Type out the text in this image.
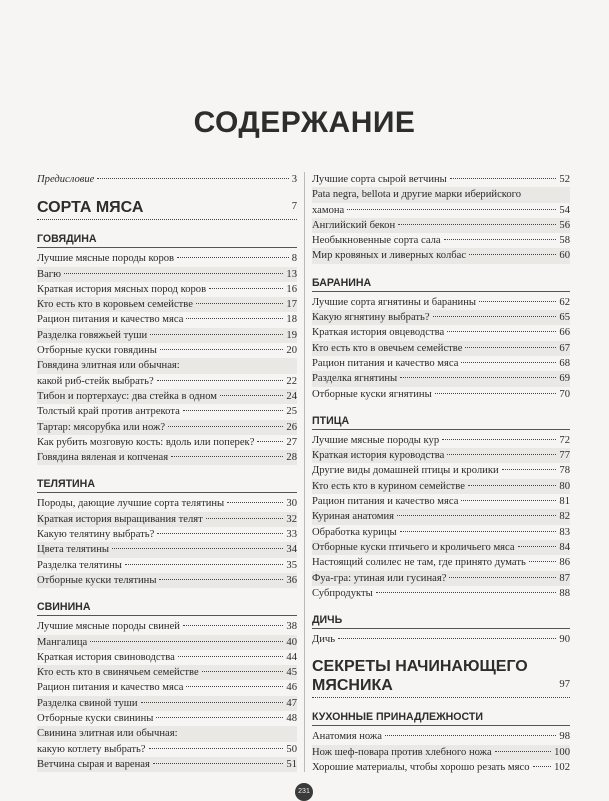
СОДЕРЖАНИЕ
Предисловие	3
СОРТА МЯСА	7
ГОВЯДИНА
Лучшие мясные породы коров	8
Вагю	13
Краткая история мясных пород коров	16
Кто есть кто в коровьем семействе	17
Рацион питания и качество мяса	18
Разделка говяжьей туши	19
Отборные куски говядины	20
Говядина элитная или обычная:
какой риб-стейк выбрать?	22
Тибон и портерхаус: два стейка в одном	24
Толстый край против антрекота	25
Тартар: мясорубка или нож?	26
Как рубить мозговую кость: вдоль или поперек?	27
Говядина вяленая и копченая	28
ТЕЛЯТИНА
Породы, дающие лучшие сорта телятины	30
Краткая история выращивания телят	32
Какую телятину выбрать?	33
Цвета телятины	34
Разделка телятины	35
Отборные куски телятины	36
СВИНИНА
Лучшие мясные породы свиней	38
Мангалица	40
Краткая история свиноводства	44
Кто есть кто в свинячьем семействе	45
Рацион питания и качество мяса	46
Разделка свиной туши	47
Отборные куски свинины	48
Свинина элитная или обычная:
какую котлету выбрать?	50
Ветчина сырая и вареная	51
Лучшие сорта сырой ветчины	52
Pata negra, bellota и другие марки иберийского
хамона	54
Английский бекон	56
Необыкновенные сорта сала	58
Мир кровяных и ливерных колбас	60
БАРАНИНА
Лучшие сорта ягнятины и баранины	62
Какую ягнятину выбрать?	65
Краткая история овцеводства	66
Кто есть кто в овечьем семействе	67
Рацион питания и качество мяса	68
Разделка ягнятины	69
Отборные куски ягнятины	70
ПТИЦА
Лучшие мясные породы кур	72
Краткая история куроводства	77
Другие виды домашней птицы и кролики	78
Кто есть кто в курином семействе	80
Рацион питания и качество мяса	81
Куриная анатомия	82
Обработка курицы	83
Отборные куски птичьего и кроличьего мяса	84
Настоящий солилес не там, где принято думать	86
Фуа-гра: утиная или гусиная?	87
Субпродукты	88
ДИЧЬ
Дичь	90
СЕКРЕТЫ НАЧИНАЮЩЕГО
МЯСНИКА	97
КУХОННЫЕ ПРИНАДЛЕЖНОСТИ
Анатомия ножа	98
Нож шеф-повара против хлебного ножа	100
Хорошие материалы, чтобы хорошо резать мясо 102
231
